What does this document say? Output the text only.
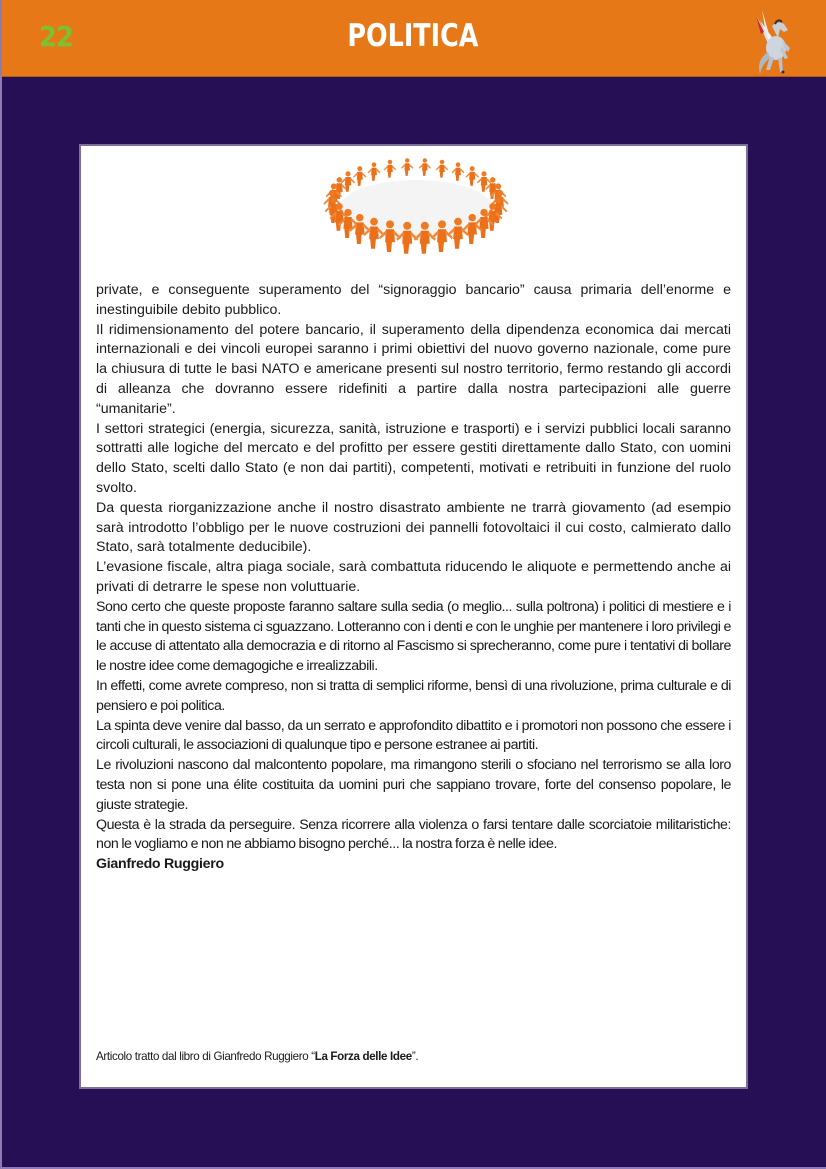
22	POLITICA

private, e conseguente superamento del “signoraggio bancario” causa primaria dell’enorme e inestinguibile debito pubblico.

Il ridimensionamento del potere bancario, il superamento della dipendenza economica dai mercati internazionali e dei vincoli europei saranno i primi obiettivi del nuovo governo nazionale, come pure la chiusura di tutte le basi NATO e americane presenti sul nostro territorio, fermo restando gli accordi di alleanza che dovranno essere ridefiniti a partire dalla nostra partecipazioni alle guerre “umanitarie”.

I settori strategici (energia, sicurezza, sanità, istruzione e trasporti) e i servizi pubblici locali saranno sottratti alle logiche del mercato e del profitto per essere gestiti direttamente dallo Stato, con uomini dello Stato, scelti dallo Stato (e non dai partiti), competenti, motivati e retribuiti in funzione del ruolo svolto.

Da questa riorganizzazione anche il nostro disastrato ambiente ne trarrà giovamento (ad esempio sarà introdotto l’obbligo per le nuove costruzioni dei pannelli fotovoltaici il cui costo, calmierato dallo Stato, sarà totalmente deducibile).

L’evasione fiscale, altra piaga sociale, sarà combattuta riducendo le aliquote e permettendo anche ai privati di detrarre le spese non voluttuarie.

Sono certo che queste proposte faranno saltare sulla sedia (o meglio... sulla poltrona) i politici di mestiere e i tanti che in questo sistema ci sguazzano. Lotteranno con i denti e con le unghie per mantenere i loro privilegi e le accuse di attentato alla democrazia e di ritorno al Fascismo si sprecheranno, come pure i tentativi di bollare le nostre idee come demagogiche e irrealizzabili.

In effetti, come avrete compreso, non si tratta di semplici riforme, bensì di una rivoluzione, prima culturale e di pensiero e poi politica.

La spinta deve venire dal basso, da un serrato e approfondito dibattito e i promotori non possono che essere i circoli culturali, le associazioni di qualunque tipo e persone estranee ai partiti.

Le rivoluzioni nascono dal malcontento popolare, ma rimangono sterili o sfociano nel terrorismo se alla loro testa non si pone una élite costituita da uomini puri che sappiano trovare, forte del consenso popolare, le giuste strategie.

Questa è la strada da perseguire. Senza ricorrere alla violenza o farsi tentare dalle scorciatoie militaristiche: non le vogliamo e non ne abbiamo bisogno perché... la nostra forza è nelle idee.

Gianfredo Ruggiero

Articolo tratto dal libro di Gianfredo Ruggiero “La Forza delle Idee”.
